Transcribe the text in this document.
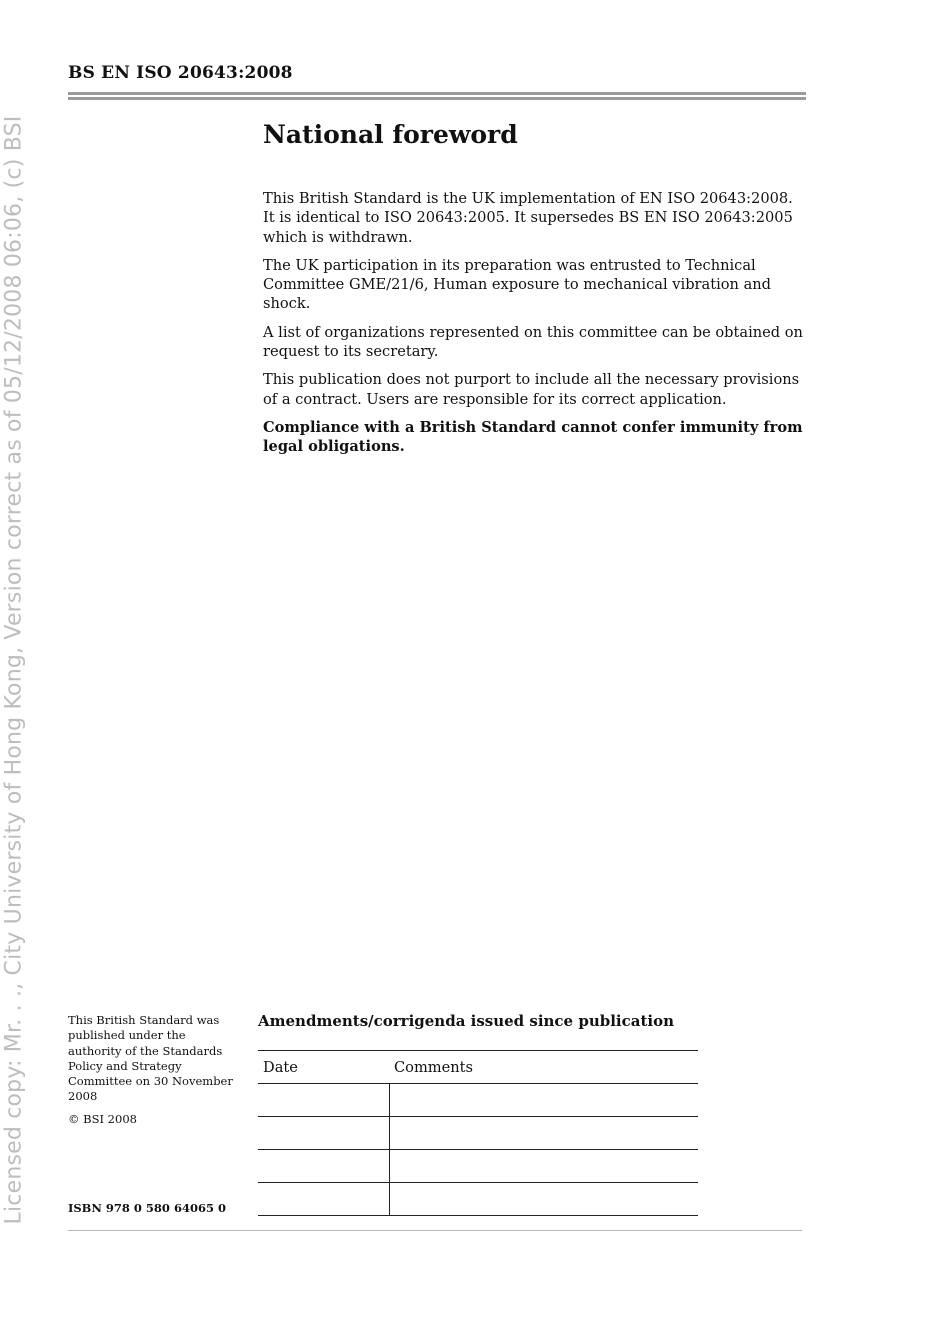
Licensed copy: Mr. . ., City University of Hong Kong, Version correct as of 05/12/2008 06:06, (c) BSI
BS EN ISO 20643:2008
National foreword

This British Standard is the UK implementation of EN ISO 20643:2008. It is identical to ISO 20643:2005. It supersedes BS EN ISO 20643:2005 which is withdrawn.

The UK participation in its preparation was entrusted to Technical Committee GME/21/6, Human exposure to mechanical vibration and shock.

A list of organizations represented on this committee can be obtained on request to its secretary.

This publication does not purport to include all the necessary provisions of a contract. Users are responsible for its correct application.

Compliance with a British Standard cannot confer immunity from legal obligations.

This British Standard was published under the authority of the Standards Policy and Strategy Committee on 30 November 2008

© BSI 2008

ISBN 978 0 580 64065 0
Amendments/corrigenda issued since publication
Date	Comments
